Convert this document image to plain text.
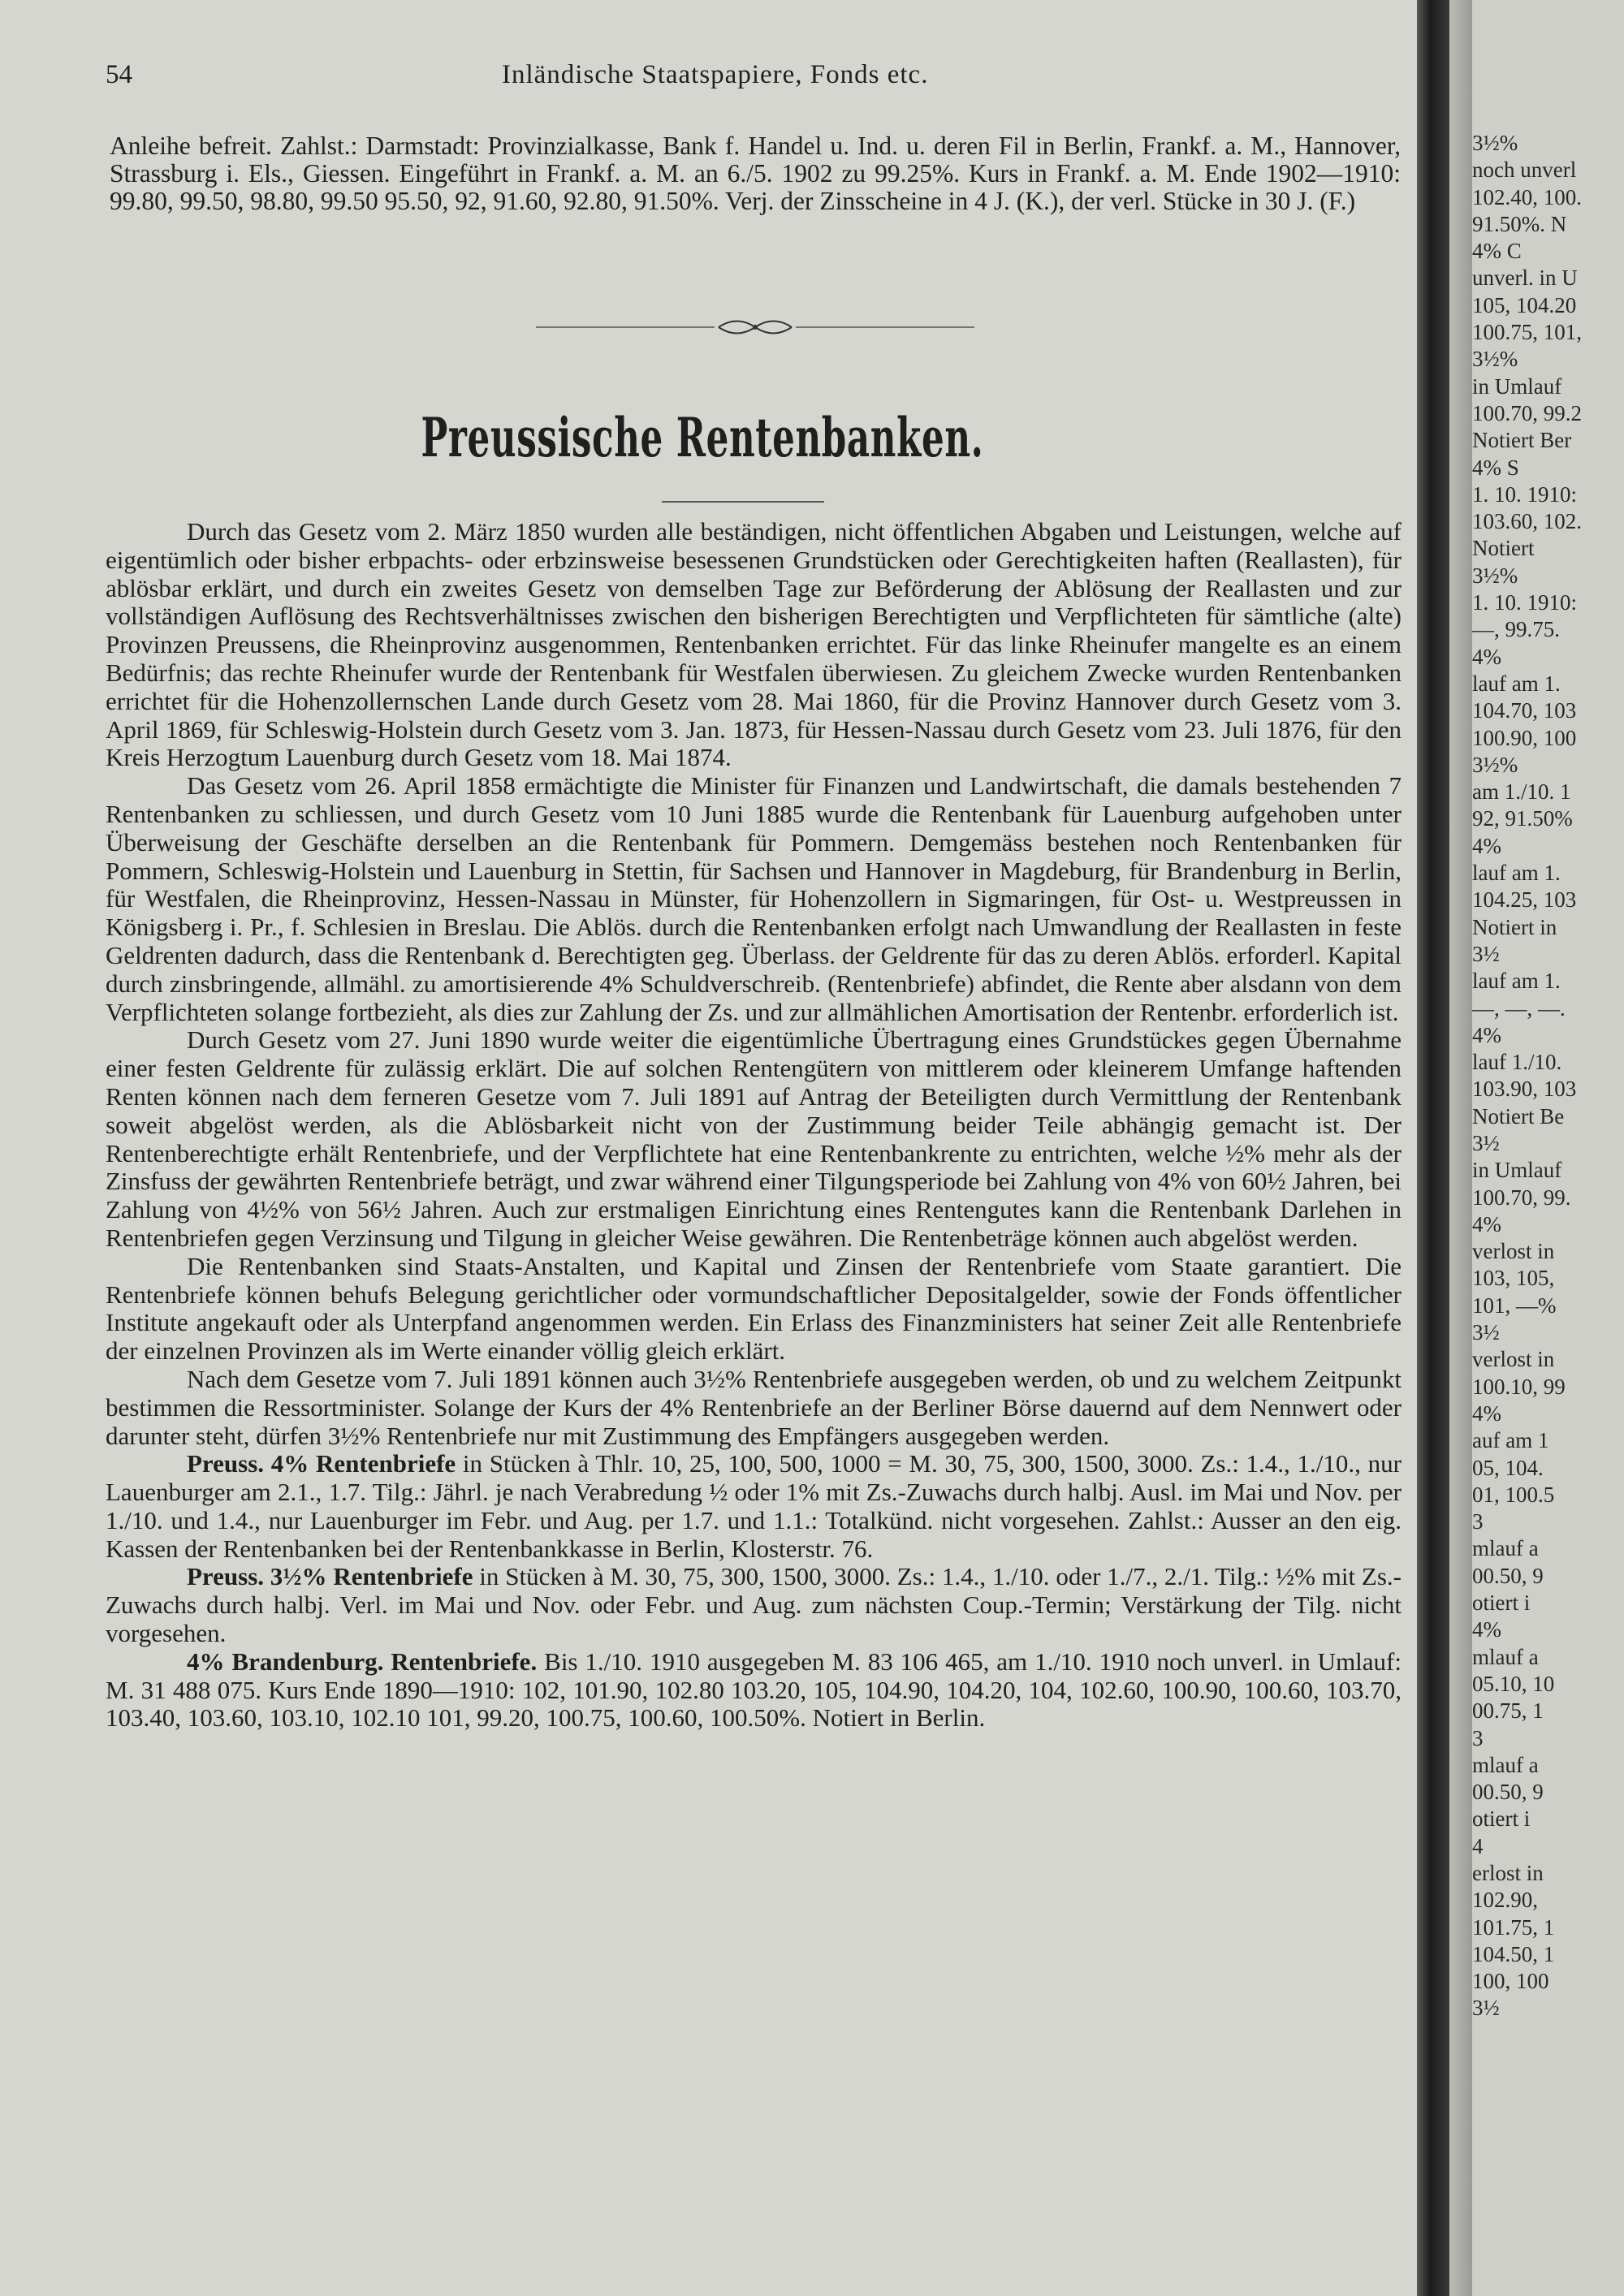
54	Inländische Staatspapiere, Fonds etc.
Anleihe befreit. Zahlst.: Darmstadt: Provinzialkasse, Bank f. Handel u. Ind. u. deren Fil in Berlin, Frankf. a. M., Hannover, Strassburg i. Els., Giessen. Eingeführt in Frankf. a. M. an 6./5. 1902 zu 99.25%. Kurs in Frankf. a. M. Ende 1902—1910: 99.80, 99.50, 98.80, 99.50 95.50, 92, 91.60, 92.80, 91.50%. Verj. der Zinsscheine in 4 J. (K.), der verl. Stücke in 30 J. (F.)
Preussische Rentenbanken.

Durch das Gesetz vom 2. März 1850 wurden alle beständigen, nicht öffentlichen Abgaben und Leistungen, welche auf eigentümlich oder bisher erbpachts- oder erbzinsweise besessenen Grundstücken oder Gerechtigkeiten haften (Reallasten), für ablösbar erklärt, und durch ein zweites Gesetz von demselben Tage zur Beförderung der Ablösung der Reallasten und zur vollständigen Auflösung des Rechtsverhältnisses zwischen den bisherigen Berechtigten und Verpflichteten für sämtliche (alte) Provinzen Preussens, die Rheinprovinz ausgenommen, Rentenbanken errichtet. Für das linke Rheinufer mangelte es an einem Bedürfnis; das rechte Rheinufer wurde der Rentenbank für Westfalen überwiesen. Zu gleichem Zwecke wurden Rentenbanken errichtet für die Hohenzollernschen Lande durch Gesetz vom 28. Mai 1860, für die Provinz Hannover durch Gesetz vom 3. April 1869, für Schleswig-Holstein durch Gesetz vom 3. Jan. 1873, für Hessen-Nassau durch Gesetz vom 23. Juli 1876, für den Kreis Herzogtum Lauenburg durch Gesetz vom 18. Mai 1874.

Das Gesetz vom 26. April 1858 ermächtigte die Minister für Finanzen und Landwirtschaft, die damals bestehenden 7 Rentenbanken zu schliessen, und durch Gesetz vom 10 Juni 1885 wurde die Rentenbank für Lauenburg aufgehoben unter Überweisung der Geschäfte derselben an die Rentenbank für Pommern. Demgemäss bestehen noch Rentenbanken für Pommern, Schleswig-Holstein und Lauenburg in Stettin, für Sachsen und Hannover in Magdeburg, für Brandenburg in Berlin, für Westfalen, die Rheinprovinz, Hessen-Nassau in Münster, für Hohenzollern in Sigmaringen, für Ost- u. Westpreussen in Königsberg i. Pr., f. Schlesien in Breslau. Die Ablös. durch die Rentenbanken erfolgt nach Umwandlung der Reallasten in feste Geldrenten dadurch, dass die Rentenbank d. Berechtigten geg. Überlass. der Geldrente für das zu deren Ablös. erforderl. Kapital durch zinsbringende, allmähl. zu amortisierende 4% Schuldverschreib. (Rentenbriefe) abfindet, die Rente aber alsdann von dem Verpflichteten solange fortbezieht, als dies zur Zahlung der Zs. und zur allmählichen Amortisation der Rentenbr. erforderlich ist.

Durch Gesetz vom 27. Juni 1890 wurde weiter die eigentümliche Übertragung eines Grundstückes gegen Übernahme einer festen Geldrente für zulässig erklärt. Die auf solchen Rentengütern von mittlerem oder kleinerem Umfange haftenden Renten können nach dem ferneren Gesetze vom 7. Juli 1891 auf Antrag der Beteiligten durch Vermittlung der Rentenbank soweit abgelöst werden, als die Ablösbarkeit nicht von der Zustimmung beider Teile abhängig gemacht ist. Der Rentenberechtigte erhält Rentenbriefe, und der Verpflichtete hat eine Rentenbankrente zu entrichten, welche ½% mehr als der Zinsfuss der gewährten Rentenbriefe beträgt, und zwar während einer Tilgungsperiode bei Zahlung von 4% von 60½ Jahren, bei Zahlung von 4½% von 56½ Jahren. Auch zur erstmaligen Einrichtung eines Rentengutes kann die Rentenbank Darlehen in Rentenbriefen gegen Verzinsung und Tilgung in gleicher Weise gewähren. Die Rentenbeträge können auch abgelöst werden.

Die Rentenbanken sind Staats-Anstalten, und Kapital und Zinsen der Rentenbriefe vom Staate garantiert. Die Rentenbriefe können behufs Belegung gerichtlicher oder vormundschaftlicher Depositalgelder, sowie der Fonds öffentlicher Institute angekauft oder als Unterpfand angenommen werden. Ein Erlass des Finanzministers hat seiner Zeit alle Rentenbriefe der einzelnen Provinzen als im Werte einander völlig gleich erklärt.

Nach dem Gesetze vom 7. Juli 1891 können auch 3½% Rentenbriefe ausgegeben werden, ob und zu welchem Zeitpunkt bestimmen die Ressortminister. Solange der Kurs der 4% Rentenbriefe an der Berliner Börse dauernd auf dem Nennwert oder darunter steht, dürfen 3½% Rentenbriefe nur mit Zustimmung des Empfängers ausgegeben werden.

Preuss. 4% Rentenbriefe in Stücken à Thlr. 10, 25, 100, 500, 1000 = M. 30, 75, 300, 1500, 3000. Zs.: 1.4., 1./10., nur Lauenburger am 2.1., 1.7. Tilg.: Jährl. je nach Verabredung ½ oder 1% mit Zs.-Zuwachs durch halbj. Ausl. im Mai und Nov. per 1./10. und 1.4., nur Lauenburger im Febr. und Aug. per 1.7. und 1.1.: Totalkünd. nicht vorgesehen. Zahlst.: Ausser an den eig. Kassen der Rentenbanken bei der Rentenbankkasse in Berlin, Klosterstr. 76.

Preuss. 3½% Rentenbriefe in Stücken à M. 30, 75, 300, 1500, 3000. Zs.: 1.4., 1./10. oder 1./7., 2./1. Tilg.: ½% mit Zs.-Zuwachs durch halbj. Verl. im Mai und Nov. oder Febr. und Aug. zum nächsten Coup.-Termin; Verstärkung der Tilg. nicht vorgesehen.

4% Brandenburg. Rentenbriefe. Bis 1./10. 1910 ausgegeben M. 83 106 465, am 1./10. 1910 noch unverl. in Umlauf: M. 31 488 075. Kurs Ende 1890—1910: 102, 101.90, 102.80 103.20, 105, 104.90, 104.20, 104, 102.60, 100.90, 100.60, 103.70, 103.40, 103.60, 103.10, 102.10 101, 99.20, 100.75, 100.60, 100.50%. Notiert in Berlin.

3½%
noch unverl
102.40, 100.
91.50%. N
4% C
unverl. in U
105, 104.20
100.75, 101,
3½%
in Umlauf
100.70, 99.2
Notiert Ber
4% S
1. 10. 1910:
103.60, 102.
Notiert
3½%
1. 10. 1910:
—, 99.75.
4%
lauf am 1.
104.70, 103
100.90, 100
3½%
am 1./10. 1
92, 91.50%
4%
lauf am 1.
104.25, 103
Notiert in
3½
lauf am 1.
—, —, —.
4%
lauf 1./10.
103.90, 103
Notiert Be
3½
in Umlauf
100.70, 99.
4%
verlost in
103, 105,
101, —%
3½
verlost in
100.10, 99
4%
auf am 1
05, 104.
01, 100.5
3
mlauf a
00.50, 9
otiert i
4%
mlauf a
05.10, 10
00.75, 1
3
mlauf a
00.50, 9
otiert i
4
erlost in
102.90,
101.75, 1
104.50, 1
100, 100
3½
